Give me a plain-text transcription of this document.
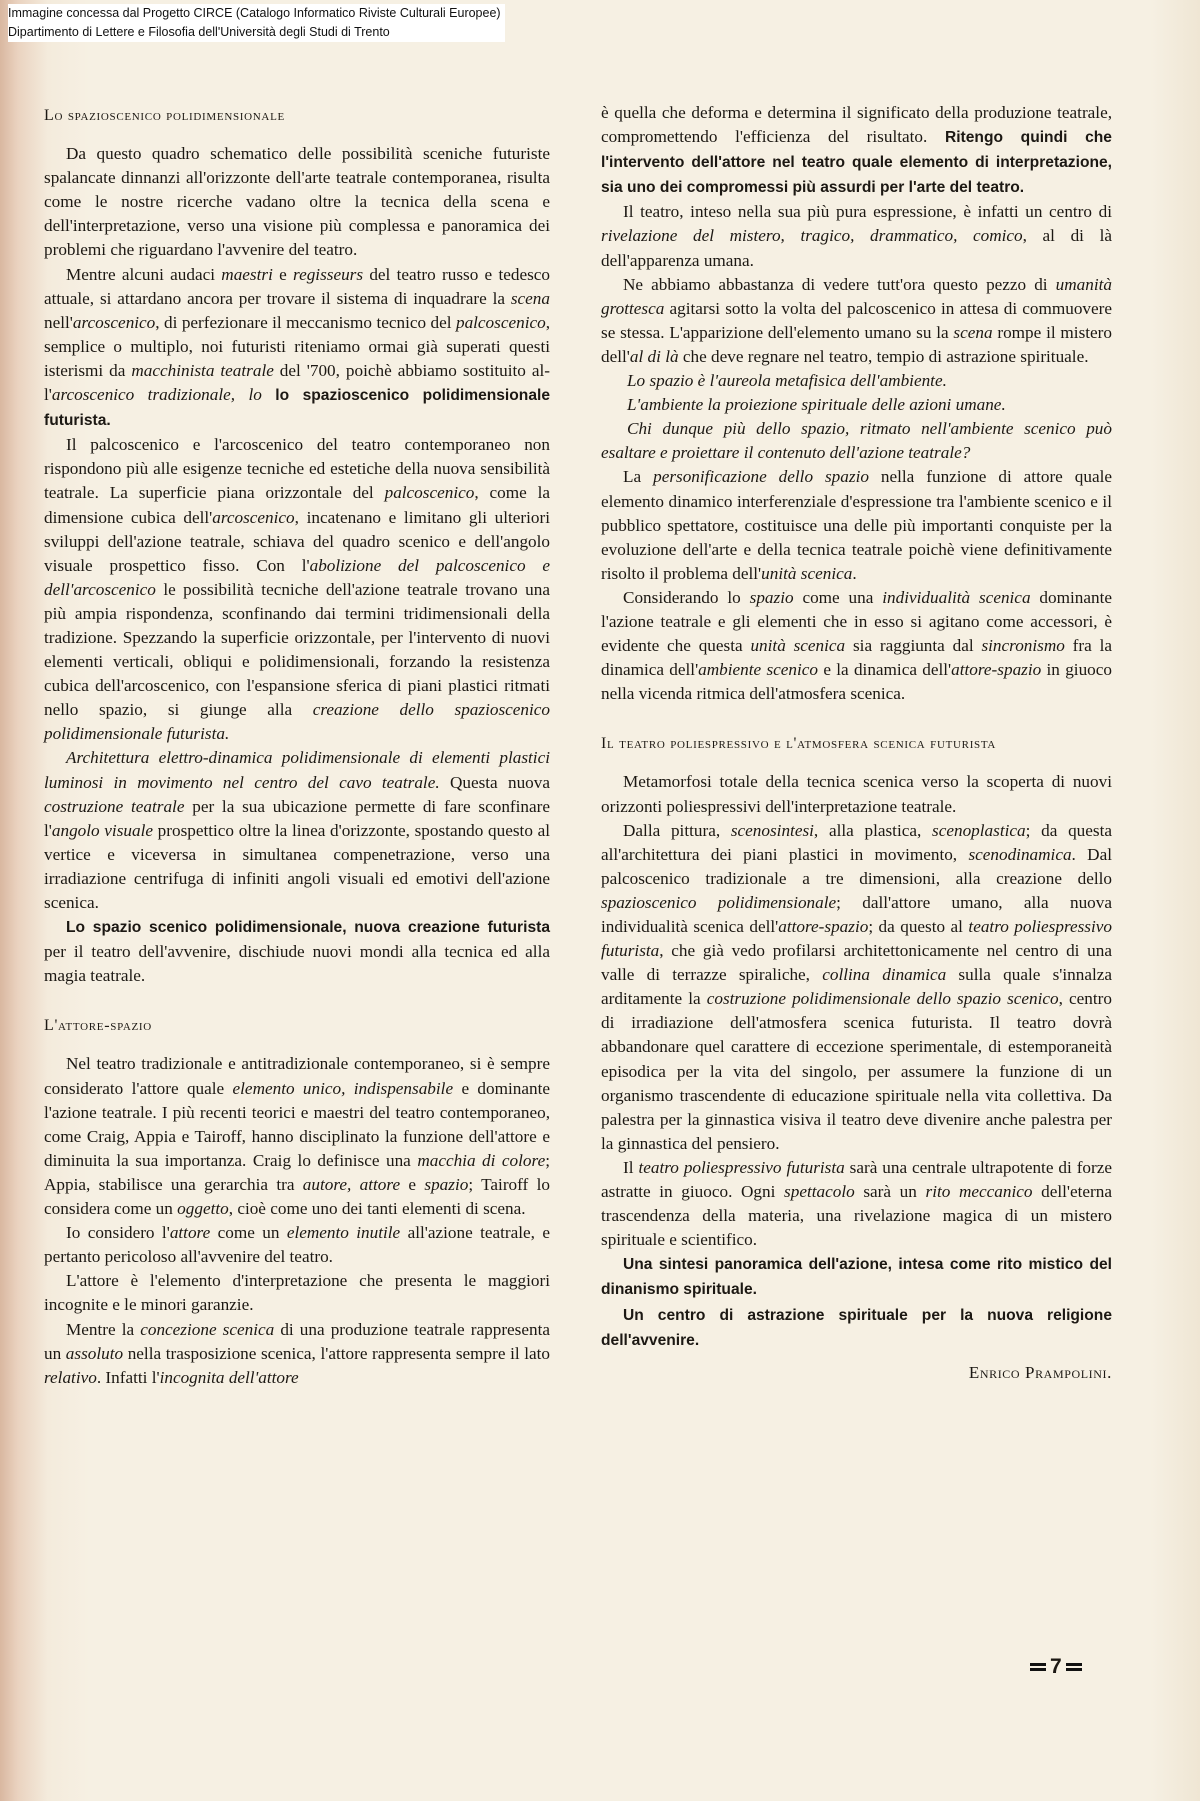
Immagine concessa dal Progetto CIRCE (Catalogo Informatico Riviste Culturali Europee)
Dipartimento di Lettere e Filosofia dell'Università degli Studi di Trento
Lo spazioscenico polidimensionale

Da questo quadro schematico delle possibilità sceniche futuriste spalancate dinnanzi all'orizzonte dell'arte teatrale contemporanea, risulta come le nostre ricerche vadano oltre la tecnica della scena e dell'interpretazione, verso una visione più complessa e panoramica dei problemi che riguardano l'avvenire del teatro.

Mentre alcuni audaci maestri e regisseurs del teatro russo e tedesco attuale, si attardano ancora per trovare il sistema di inquadrare la scena nell'arcoscenico, di perfezionare il meccanismo tecnico del palcoscenico, semplice o multiplo, noi futuristi riteniamo ormai già superati questi isterismi da macchinista teatrale del '700, poichè abbiamo sostituito all'arcoscenico tradizionale, lo lo spazioscenico polidimensionale futurista.

Il palcoscenico e l'arcoscenico del teatro contemporaneo non rispondono più alle esigenze tecniche ed estetiche della nuova sensibilità teatrale. La superficie piana orizzontale del palcoscenico, come la dimensione cubica dell'arcoscenico, incatenano e limitano gli ulteriori sviluppi dell'azione teatrale, schiava del quadro scenico e dell'angolo visuale prospettico fisso. Con l'abolizione del palcoscenico e dell'arcoscenico le possibilità tecniche dell'azione teatrale trovano una più ampia rispondenza, sconfinando dai termini tridimensionali della tradizione. Spezzando la superficie orizzontale, per l'intervento di nuovi elementi verticali, obliqui e polidimensionali, forzando la resistenza cubica dell'arcoscenico, con l'espansione sferica di piani plastici ritmati nello spazio, si giunge alla creazione dello spazioscenico polidimensionale futurista.

Architettura elettro-dinamica polidimensionale di elementi plastici luminosi in movimento nel centro del cavo teatrale. Questa nuova costruzione teatrale per la sua ubicazione permette di fare sconfinare l'angolo visuale prospettico oltre la linea d'orizzonte, spostando questo al vertice e viceversa in simultanea compenetrazione, verso una irradiazione centrifuga di infiniti angoli visuali ed emotivi dell'azione scenica.

Lo spazio scenico polidimensionale, nuova creazione futurista per il teatro dell'avvenire, dischiude nuovi mondi alla tecnica ed alla magia teatrale.

L'attore-spazio

Nel teatro tradizionale e antitradizionale contemporaneo, si è sempre considerato l'attore quale elemento unico, indispensabile e dominante l'azione teatrale. I più recenti teorici e maestri del teatro contemporaneo, come Craig, Appia e Tairoff, hanno disciplinato la funzione dell'attore e diminuita la sua importanza. Craig lo definisce una macchia di colore; Appia, stabilisce una gerarchia tra autore, attore e spazio; Tairoff lo considera come un oggetto, cioè come uno dei tanti elementi di scena.

Io considero l'attore come un elemento inutile all'azione teatrale, e pertanto pericoloso all'avvenire del teatro.

L'attore è l'elemento d'interpretazione che presenta le maggiori incognite e le minori garanzie.

Mentre la concezione scenica di una produzione teatrale rappresenta un assoluto nella trasposizione scenica, l'attore rappresenta sempre il lato relativo. Infatti l'incognita dell'attore

è quella che deforma e determina il significato della produzione teatrale, compromettendo l'efficienza del risultato. Ritengo quindi che l'intervento dell'attore nel teatro quale elemento di interpretazione, sia uno dei compromessi più assurdi per l'arte del teatro.

Il teatro, inteso nella sua più pura espressione, è infatti un centro di rivelazione del mistero, tragico, drammatico, comico, al di là dell'apparenza umana.

Ne abbiamo abbastanza di vedere tutt'ora questo pezzo di umanità grottesca agitarsi sotto la volta del palcoscenico in attesa di commuovere se stessa. L'apparizione dell'elemento umano su la scena rompe il mistero dell'al di là che deve regnare nel teatro, tempio di astrazione spirituale.

Lo spazio è l'aureola metafisica dell'ambiente.

L'ambiente la proiezione spirituale delle azioni umane.

Chi dunque più dello spazio, ritmato nell'ambiente scenico può esaltare e proiettare il contenuto dell'azione teatrale?

La personificazione dello spazio nella funzione di attore quale elemento dinamico interferenziale d'espressione tra l'ambiente scenico e il pubblico spettatore, costituisce una delle più importanti conquiste per la evoluzione dell'arte e della tecnica teatrale poichè viene definitivamente risolto il problema dell'unità scenica.

Considerando lo spazio come una individualità scenica dominante l'azione teatrale e gli elementi che in esso si agitano come accessori, è evidente che questa unità scenica sia raggiunta dal sincronismo fra la dinamica dell'ambiente scenico e la dinamica dell'attore-spazio in giuoco nella vicenda ritmica dell'atmosfera scenica.

Il teatro poliespressivo e l'atmosfera scenica futurista

Metamorfosi totale della tecnica scenica verso la scoperta di nuovi orizzonti poliespressivi dell'interpretazione teatrale.

Dalla pittura, scenosintesi, alla plastica, scenoplastica; da questa all'architettura dei piani plastici in movimento, scenodinamica. Dal palcoscenico tradizionale a tre dimensioni, alla creazione dello spazioscenico polidimensionale; dall'attore umano, alla nuova individualità scenica dell'attore-spazio; da questo al teatro poliespressivo futurista, che già vedo profilarsi architettonicamente nel centro di una valle di terrazze spiraliche, collina dinamica sulla quale s'innalza arditamente la costruzione polidimensionale dello spazio scenico, centro di irradiazione dell'atmosfera scenica futurista. Il teatro dovrà abbandonare quel carattere di eccezione sperimentale, di estemporaneità episodica per la vita del singolo, per assumere la funzione di un organismo trascendente di educazione spirituale nella vita collettiva. Da palestra per la ginnastica visiva il teatro deve divenire anche palestra per la ginnastica del pensiero.

Il teatro poliespressivo futurista sarà una centrale ultrapotente di forze astratte in giuoco. Ogni spettacolo sarà un rito meccanico dell'eterna trascendenza della materia, una rivelazione magica di un mistero spirituale e scientifico.

Una sintesi panoramica dell'azione, intesa come rito mistico del dinanismo spirituale.

Un centro di astrazione spirituale per la nuova religione dell'avvenire.

Enrico Prampolini.
7
